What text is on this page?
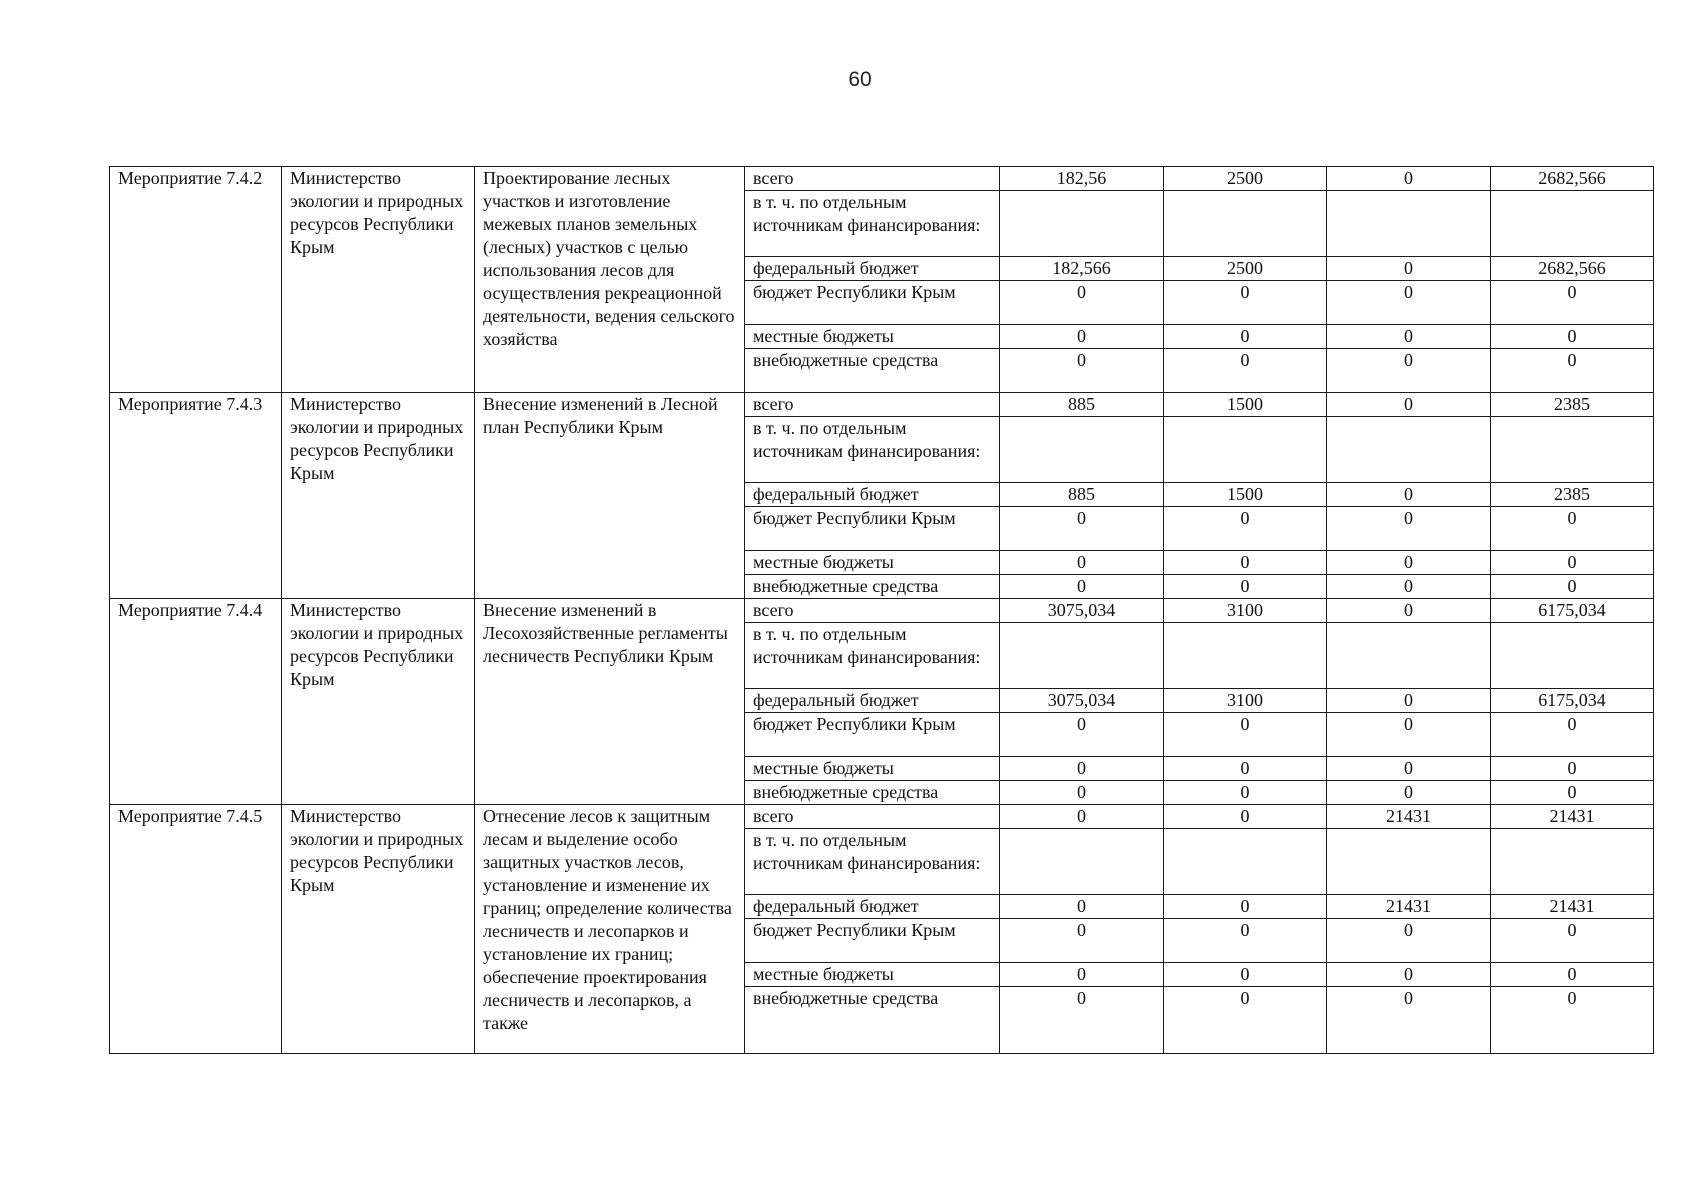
60
Мероприятие 7.4.2	Министерство экологии и природных ресурсов Республики Крым	Проектирование лесных участков и изготовление межевых планов земельных (лесных) участков с целью использования лесов для осуществления рекреационной деятельности, ведения сельского хозяйства	всего	182,56	2500	0	2682,566
			в т. ч. по отдельным источникам финансирования:				
			федеральный бюджет	182,566	2500	0	2682,566
			бюджет Республики Крым	0	0	0	0
			местные бюджеты	0	0	0	0
			внебюджетные средства	0	0	0	0
Мероприятие 7.4.3	Министерство экологии и природных ресурсов Республики Крым	Внесение изменений в Лесной план Республики Крым	всего	885	1500	0	2385
			в т. ч. по отдельным источникам финансирования:				
			федеральный бюджет	885	1500	0	2385
			бюджет Республики Крым	0	0	0	0
			местные бюджеты	0	0	0	0
			внебюджетные средства	0	0	0	0
Мероприятие 7.4.4	Министерство экологии и природных ресурсов Республики Крым	Внесение изменений в Лесохозяйственные регламенты лесничеств Республики Крым	всего	3075,034	3100	0	6175,034
			в т. ч. по отдельным источникам финансирования:				
			федеральный бюджет	3075,034	3100	0	6175,034
			бюджет Республики Крым	0	0	0	0
			местные бюджеты	0	0	0	0
			внебюджетные средства	0	0	0	0
Мероприятие 7.4.5	Министерство экологии и природных ресурсов Республики Крым	Отнесение лесов к защитным лесам и выделение особо защитных участков лесов, установление и изменение их границ; определение количества лесничеств и лесопарков и установление их границ; обеспечение проектирования лесничеств и лесопарков, а также	всего	0	0	21431	21431
			в т. ч. по отдельным источникам финансирования:				
			федеральный бюджет	0	0	21431	21431
			бюджет Республики Крым	0	0	0	0
			местные бюджеты	0	0	0	0
			внебюджетные средства	0	0	0	0
